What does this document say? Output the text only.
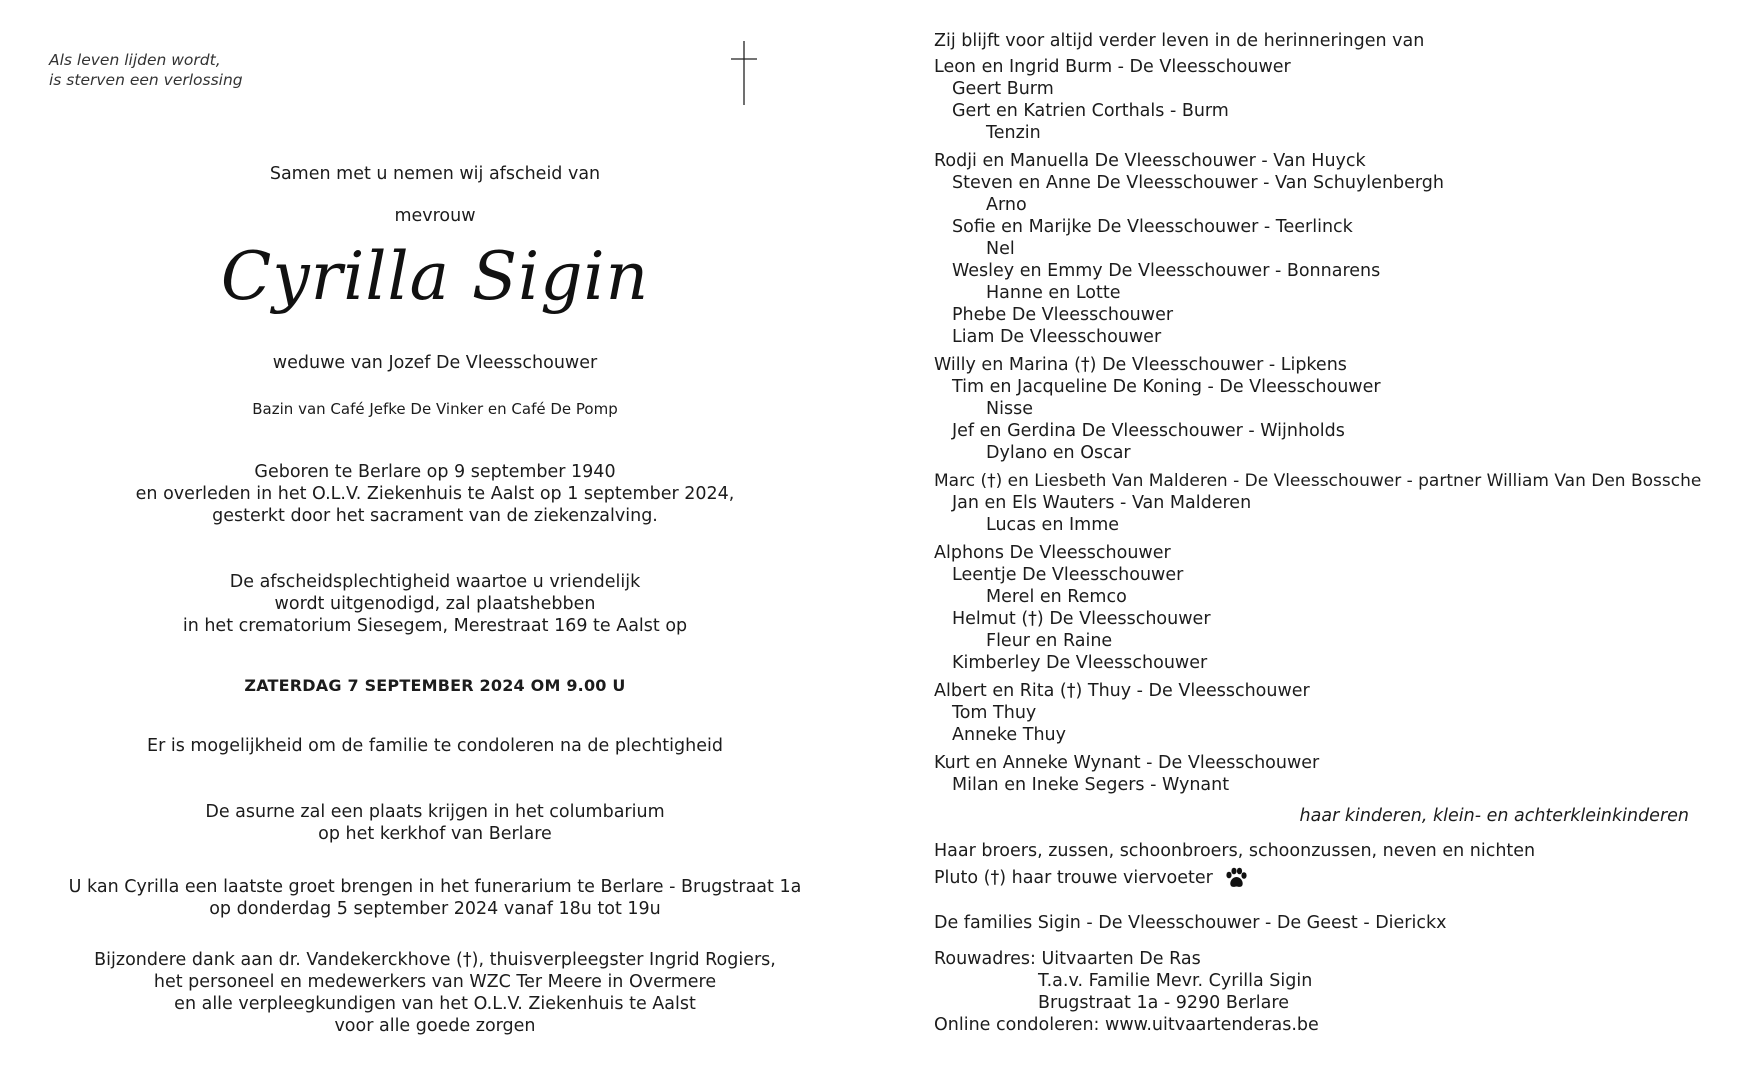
Als leven lijden wordt,
is sterven een verlossing
Samen met u nemen wij afscheid van
mevrouw
Cyrilla Sigin
weduwe van Jozef De Vleesschouwer
Bazin van Café Jefke De Vinker en Café De Pomp
Geboren te Berlare op 9 september 1940
en overleden in het O.L.V. Ziekenhuis te Aalst op 1 september 2024,
gesterkt door het sacrament van de ziekenzalving.
De afscheidsplechtigheid waartoe u vriendelijk
wordt uitgenodigd, zal plaatshebben
in het crematorium Siesegem, Merestraat 169 te Aalst op
ZATERDAG 7 SEPTEMBER 2024 OM 9.00 U
Er is mogelijkheid om de familie te condoleren na de plechtigheid
De asurne zal een plaats krijgen in het columbarium
op het kerkhof van Berlare
U kan Cyrilla een laatste groet brengen in het funerarium te Berlare - Brugstraat 1a
op donderdag 5 september 2024 vanaf 18u tot 19u
Bijzondere dank aan dr. Vandekerckhove (†), thuisverpleegster Ingrid Rogiers,
het personeel en medewerkers van WZC Ter Meere in Overmere
en alle verpleegkundigen van het O.L.V. Ziekenhuis te Aalst
voor alle goede zorgen
Zij blijft voor altijd verder leven in de herinneringen van
Leon en Ingrid Burm - De Vleesschouwer
Geert Burm
Gert en Katrien Corthals - Burm
Tenzin
Rodji en Manuella De Vleesschouwer - Van Huyck
Steven en Anne De Vleesschouwer - Van Schuylenbergh
Arno
Sofie en Marijke De Vleesschouwer - Teerlinck
Nel
Wesley en Emmy De Vleesschouwer - Bonnarens
Hanne en Lotte
Phebe De Vleesschouwer
Liam De Vleesschouwer
Willy en Marina (†) De Vleesschouwer - Lipkens
Tim en Jacqueline De Koning - De Vleesschouwer
Nisse
Jef en Gerdina De Vleesschouwer - Wijnholds
Dylano en Oscar
Marc (†) en Liesbeth Van Malderen - De Vleesschouwer - partner William Van Den Bossche
Jan en Els Wauters - Van Malderen
Lucas en Imme
Alphons De Vleesschouwer
Leentje De Vleesschouwer
Merel en Remco
Helmut (†) De Vleesschouwer
Fleur en Raine
Kimberley De Vleesschouwer
Albert en Rita (†) Thuy - De Vleesschouwer
Tom Thuy
Anneke Thuy
Kurt en Anneke Wynant - De Vleesschouwer
Milan en Ineke Segers - Wynant
haar kinderen, klein- en achterkleinkinderen
Haar broers, zussen, schoonbroers, schoonzussen, neven en nichten
Pluto (†) haar trouwe viervoeter
De families Sigin - De Vleesschouwer - De Geest - Dierickx
Rouwadres: Uitvaarten De Ras
T.a.v. Familie Mevr. Cyrilla Sigin
Brugstraat 1a - 9290 Berlare
Online condoleren: www.uitvaartenderas.be
